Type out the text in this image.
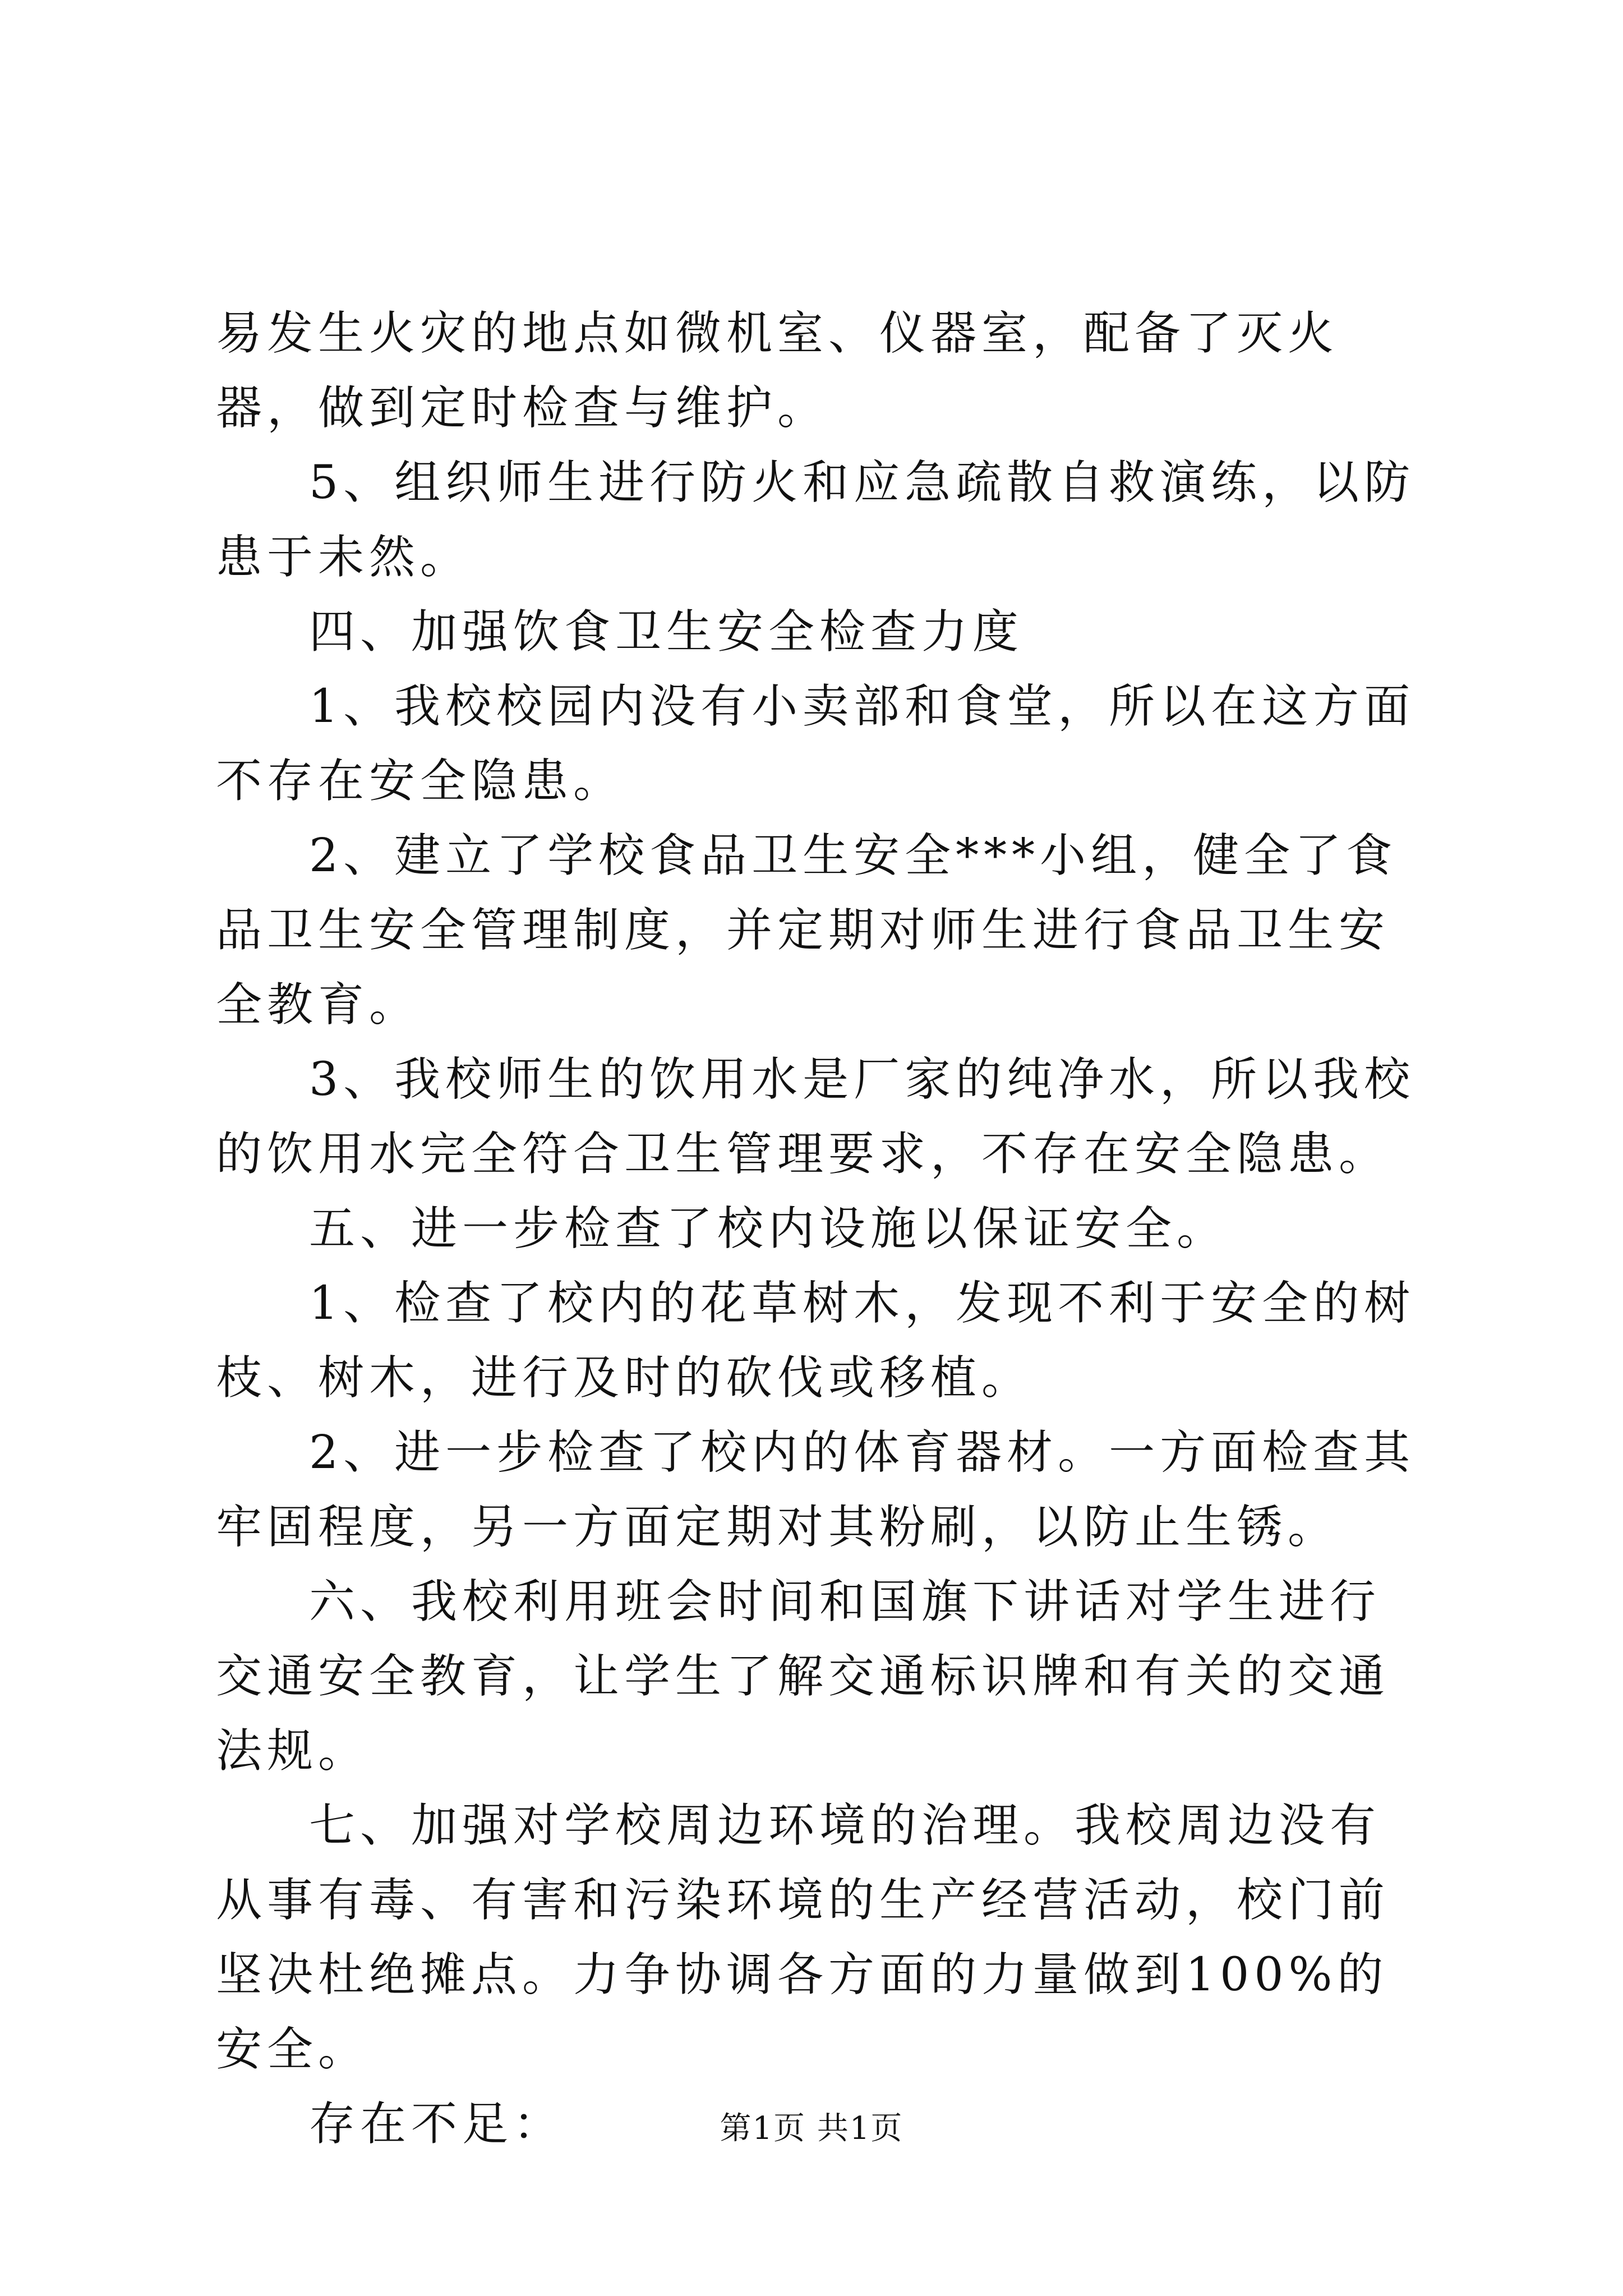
易发生火灾的地点如微机室、仪器室，配备了灭火器，做到定时检查与维护。

5、组织师生进行防火和应急疏散自救演练，以防患于未然。

四、加强饮食卫生安全检查力度

1、我校校园内没有小卖部和食堂，所以在这方面不存在安全隐患。

2、建立了学校食品卫生安全***小组，健全了食品卫生安全管理制度，并定期对师生进行食品卫生安全教育。

3、我校师生的饮用水是厂家的纯净水，所以我校的饮用水完全符合卫生管理要求，不存在安全隐患。

五、进一步检查了校内设施以保证安全。

1、检查了校内的花草树木，发现不利于安全的树枝、树木，进行及时的砍伐或移植。

2、进一步检查了校内的体育器材。一方面检查其牢固程度，另一方面定期对其粉刷，以防止生锈。

六、我校利用班会时间和国旗下讲话对学生进行交通安全教育，让学生了解交通标识牌和有关的交通法规。

七、加强对学校周边环境的治理。我校周边没有从事有毒、有害和污染环境的生产经营活动，校门前坚决杜绝摊点。力争协调各方面的力量做到100%的安全。

存在不足：	第1页 共1页
